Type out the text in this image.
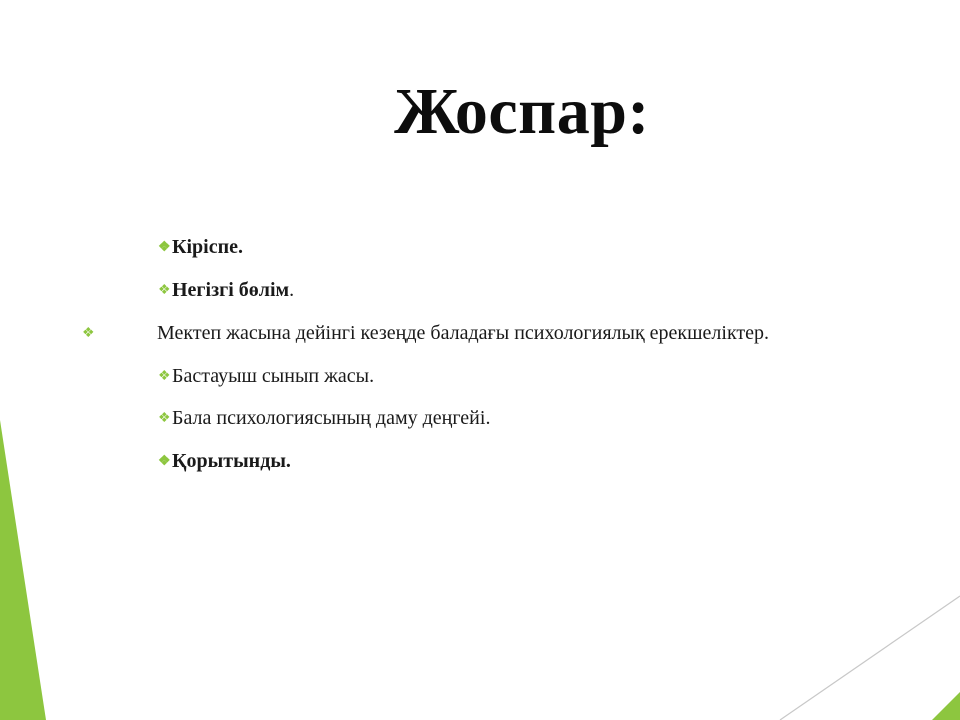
Жоспар:
❖Кіріспе.
❖Негізгі бөлім.
❖	Мектеп жасына дейінгі кезеңде баладағы психологиялық ерекшеліктер.
❖Бастауыш сынып жасы.
❖Бала психологиясының даму деңгейі.
❖Қорытынды.
